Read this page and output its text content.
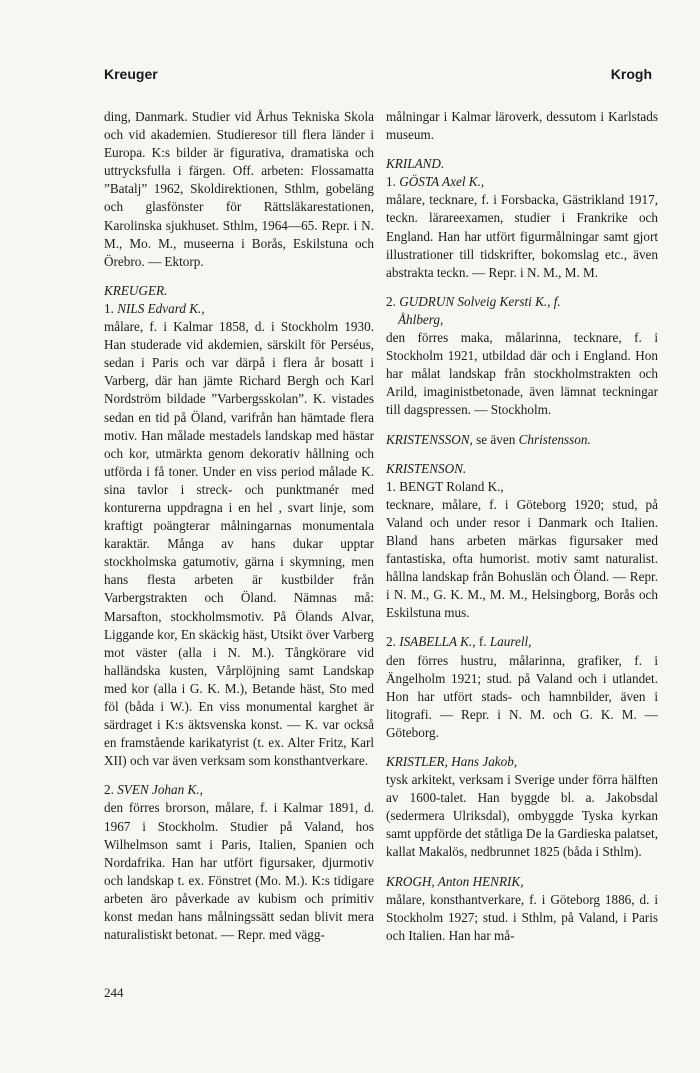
Kreuger	Krogh

ding, Danmark. Studier vid Århus Tekniska Skola och vid akademien. Studieresor till flera länder i Europa. K:s bilder är figurativa, dramatiska och uttrycksfulla i färgen. Off. arbeten: Flossamatta ”Batalj” 1962, Skoldirektionen, Sthlm, gobeläng och glasfönster för Rättsläkarestationen, Karolinska sjukhuset. Sthlm, 1964—65. Repr. i N. M., Mo. M., museerna i Borås, Eskilstuna och Örebro. — Ektorp.

KREUGER.
1. NILS Edvard K.,

målare, f. i Kalmar 1858, d. i Stockholm 1930. Han studerade vid akdemien, särskilt för Perséus, sedan i Paris och var därpå i flera år bosatt i Varberg, där han jämte Richard Bergh och Karl Nordström bildade ”Varbergsskolan”. K. vistades sedan en tid på Öland, varifrån han hämtade flera motiv. Han målade mestadels landskap med hästar och kor, utmärkta genom dekorativ hållning och utförda i få toner. Under en viss period målade K. sina tavlor i streck- och punktmanér med konturerna uppdragna i en hel , svart linje, som kraftigt poängterar målningarnas monumentala karaktär. Många av hans dukar upptar stockholmska gatumotiv, gärna i skymning, men hans flesta arbeten är kustbilder från Varbergstrakten och Öland. Nämnas må: Marsafton, stockholmsmotiv. På Ölands Alvar, Liggande kor, En skäckig häst, Utsikt över Varberg mot väster (alla i N. M.). Tångkörare vid halländska kusten, Vårplöjning samt Landskap med kor (alla i G. K. M.), Betande häst, Sto med föl (båda i W.). En viss monumental karghet är särdraget i K:s äktsvenska konst. — K. var också en framstående karikatyrist (t. ex. Alter Fritz, Karl XII) och var även verksam som konsthantverkare.

2. SVEN Johan K.,

den förres brorson, målare, f. i Kalmar 1891, d. 1967 i Stockholm. Studier på Valand, hos Wilhelmson samt i Paris, Italien, Spanien och Nordafrika. Han har utfört figursaker, djurmotiv och landskap t. ex. Fönstret (Mo. M.). K:s tidigare arbeten äro påverkade av kubism och primitiv konst medan hans målningssätt sedan blivit mera naturalistiskt betonat. — Repr. med vägg-

målningar i Kalmar läroverk, dessutom i Karlstads museum.

KRILAND.
1. GÖSTA Axel K.,

målare, tecknare, f. i Forsbacka, Gästrikland 1917, teckn. lärareexamen, studier i Frankrike och England. Han har utfört figurmålningar samt gjort illustrationer till tidskrifter, bokomslag etc., även abstrakta teckn. — Repr. i N. M., M. M.

2. GUDRUN Solveig Kersti K., f.
Åhlberg,

den förres maka, målarinna, tecknare, f. i Stockholm 1921, utbildad där och i England. Hon har målat landskap från stockholmstrakten och Arild, imaginistbetonade, även lämnat teckningar till dagspressen. — Stockholm.

KRISTENSSON, se även Christensson.

KRISTENSON.
1. BENGT Roland K.,

tecknare, målare, f. i Göteborg 1920; stud, på Valand och under resor i Danmark och Italien. Bland hans arbeten märkas figursaker med fantastiska, ofta humorist. motiv samt naturalist. hållna landskap från Bohuslän och Öland. — Repr. i N. M., G. K. M., M. M., Helsingborg, Borås och Eskilstuna mus.

2. ISABELLA K., f. Laurell,

den förres hustru, målarinna, grafiker, f. i Ängelholm 1921; stud. på Valand och i utlandet. Hon har utfört stads- och hamnbilder, även i litografi. — Repr. i N. M. och G. K. M. — Göteborg.

KRISTLER, Hans Jakob,

tysk arkitekt, verksam i Sverige under förra hälften av 1600-talet. Han byggde bl. a. Jakobsdal (sedermera Ulriksdal), ombyggde Tyska kyrkan samt uppförde det ståtliga De la Gardieska palatset, kallat Makalös, nedbrunnet 1825 (båda i Sthlm).

KROGH, Anton HENRIK,

målare, konsthantverkare, f. i Göteborg 1886, d. i Stockholm 1927; stud. i Sthlm, på Valand, i Paris och Italien. Han har må-

244
